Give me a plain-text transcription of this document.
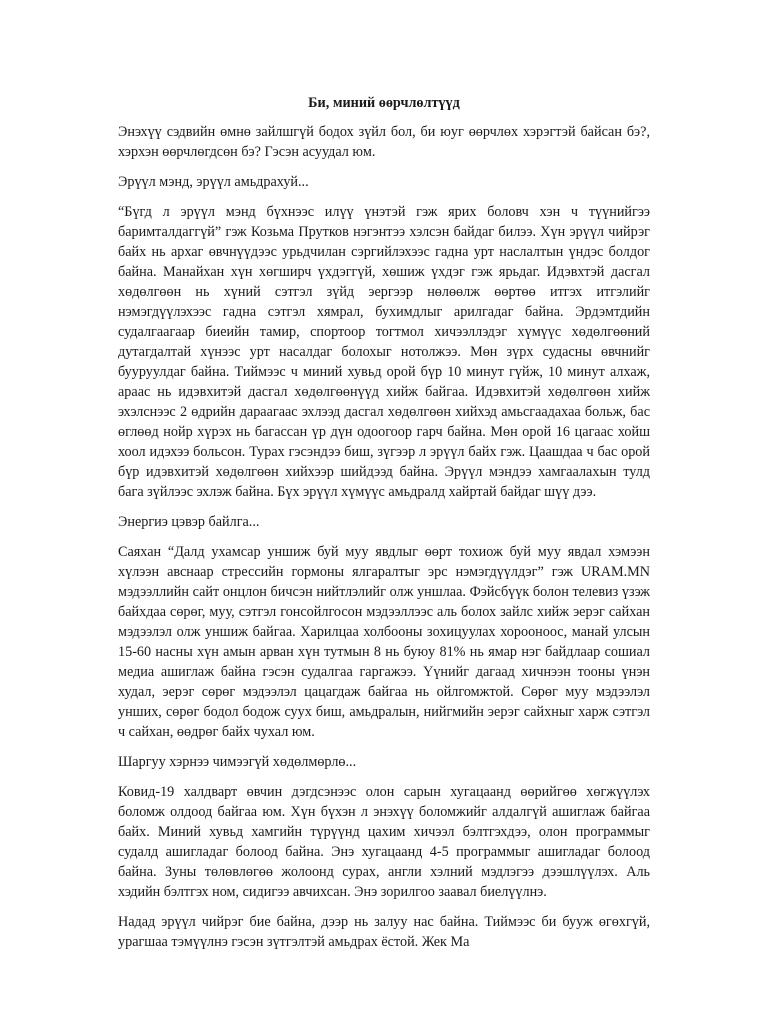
Би, миний өөрчлөлтүүд

Энэхүү сэдвийн өмнө зайлшгүй бодох зүйл бол, би юуг өөрчлөх хэрэгтэй байсан бэ?, хэрхэн өөрчлөгдсөн бэ? Гэсэн асуудал юм.

Эрүүл мэнд, эрүүл амьдрахуй...

“Бүгд л эрүүл мэнд бүхнээс илүү үнэтэй гэж ярих боловч хэн ч түүнийгээ баримталдаггүй” гэж Козьма Прутков нэгэнтээ хэлсэн байдаг билээ. Хүн эрүүл чийрэг байх нь архаг өвчнүүдээс урьдчилан сэргийлэхээс гадна урт наслалтын үндэс болдог байна. Манайхан хүн хөгширч үхдэггүй, хөшиж үхдэг гэж ярьдаг. Идэвхтэй дасгал хөдөлгөөн нь хүний сэтгэл зүйд эергээр нөлөөлж өөртөө итгэх итгэлийг нэмэгдүүлэхээс гадна сэтгэл хямрал, бухимдлыг арилгадаг байна. Эрдэмтдийн судалгаагаар биеийн тамир, спортоор тогтмол хичээллэдэг хүмүүс хөдөлгөөний дутагдалтай хүнээс урт насалдаг болохыг нотолжээ. Мөн зүрх судасны өвчнийг бууруулдаг байна. Тиймээс ч миний хувьд орой бүр 10 минут гүйж, 10 минут алхаж, араас нь идэвхитэй дасгал хөдөлгөөнүүд хийж байгаа. Идэвхитэй хөдөлгөөн хийж эхэлснээс 2 өдрийн дараагаас эхлээд дасгал хөдөлгөөн хийхэд амьсгаадахаа больж, бас өглөөд нойр хүрэх нь багассан үр дүн одоогоор гарч байна. Мөн орой 16 цагаас хойш хоол идэхээ больсон. Турах гэсэндээ биш, зүгээр л эрүүл байх гэж. Цаашдаа ч бас орой бүр идэвхитэй хөдөлгөөн хийхээр шийдээд байна. Эрүүл мэндээ хамгаалахын тулд бага зүйлээс эхлэж байна. Бүх эрүүл хүмүүс амьдралд хайртай байдаг шүү дээ.

Энергиэ цэвэр байлга...

Саяхан “Далд ухамсар уншиж буй муу явдлыг өөрт тохиож буй муу явдал хэмээн хүлээн авснаар стрессийн гормоны ялгаралтыг эрс нэмэгдүүлдэг” гэж URAM.MN мэдээллийн сайт онцлон бичсэн нийтлэлийг олж уншлаа. Фэйсбүүк болон телевиз үзэж байхдаа сөрөг, муу, сэтгэл гонсойлгосон мэдээллээс аль болох зайлс хийж эерэг сайхан мэдээлэл олж уншиж байгаа. Харилцаа холбооны зохицуулах хорооноос, манай улсын 15-60 насны хүн амын арван хүн тутмын 8 нь буюу 81% нь ямар нэг байдлаар сошиал медиа ашиглаж байна гэсэн судалгаа гаргажээ. Үүнийг дагаад хичнээн тооны үнэн худал, эерэг сөрөг мэдээлэл цацагдаж байгаа нь ойлгомжтой. Сөрөг муу мэдээлэл унших, сөрөг бодол бодож суух биш, амьдралын, нийгмийн эерэг сайхныг харж сэтгэл ч сайхан, өөдрөг байх чухал юм.

Шаргуу хэрнээ чимээгүй хөдөлмөрлө...

Ковид-19 халдварт өвчин дэгдсэнээс олон сарын хугацаанд өөрийгөө хөгжүүлэх боломж олдоод байгаа юм. Хүн бүхэн л энэхүү боломжийг алдалгүй ашиглаж байгаа байх. Миний хувьд хамгийн түрүүнд цахим хичээл бэлтгэхдээ, олон программыг судалд ашигладаг болоод байна. Энэ хугацаанд 4-5 программыг ашигладаг болоод байна. Зуны төлөвлөгөө жолоонд сурах, англи хэлний мэдлэгээ дээшлүүлэх. Аль хэдийн бэлтгэх ном, сидигээ авчихсан. Энэ зорилгоо заавал биелүүлнэ.

Надад эрүүл чийрэг бие байна, дээр нь залуу нас байна. Тиймээс би бууж өгөхгүй, урагшаа тэмүүлнэ гэсэн зүтгэлтэй амьдрах ёстой. Жек Ма
